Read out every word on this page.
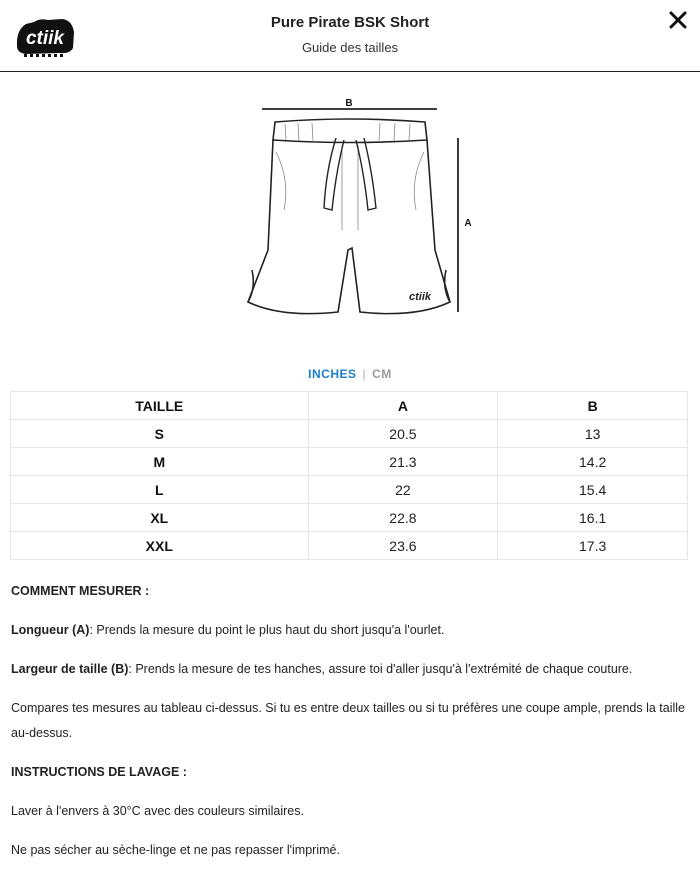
ctiik
Pure Pirate BSK Short
Guide des tailles
B
A
ctiik
INCHES | CM
TAILLE	A	B
S	20.5	13
M	21.3	14.2
L	22	15.4
XL	22.8	16.1
XXL	23.6	17.3

COMMENT MESURER :

Longueur (A): Prends la mesure du point le plus haut du short jusqu'a l'ourlet.

Largeur de taille (B): Prends la mesure de tes hanches, assure toi d'aller jusqu'à l'extrémité de chaque couture.

Compares tes mesures au tableau ci-dessus. Si tu es entre deux tailles ou si tu préfères une coupe ample, prends la taille au-dessus.

INSTRUCTIONS DE LAVAGE :

Laver à l'envers à 30°C avec des couleurs similaires.

Ne pas sécher au sèche-linge et ne pas repasser l'imprimé.
